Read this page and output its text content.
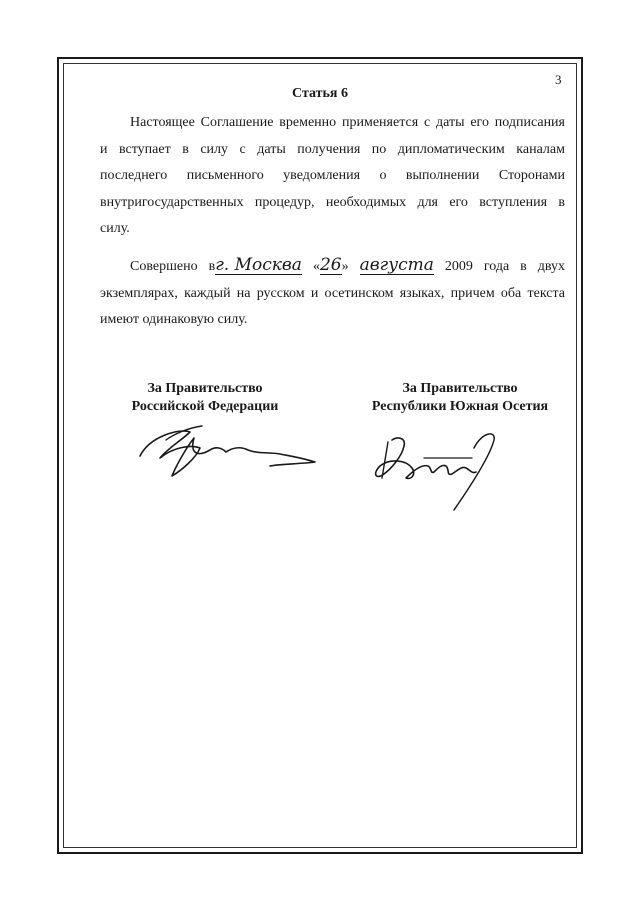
3
Статья 6
Настоящее Соглашение временно применяется с даты его подписания
и вступает в силу с даты получения по дипломатическим каналам
последнего письменного уведомления о выполнении Сторонами
внутригосударственных процедур, необходимых для его вступления в
силу.
Совершено вг. Москва «26» августа 2009 года в двух
экземплярах, каждый на русском и осетинском языках, причем оба текста
имеют одинаковую силу.
За Правительство
Российской Федерации
За Правительство
Республики Южная Осетия
